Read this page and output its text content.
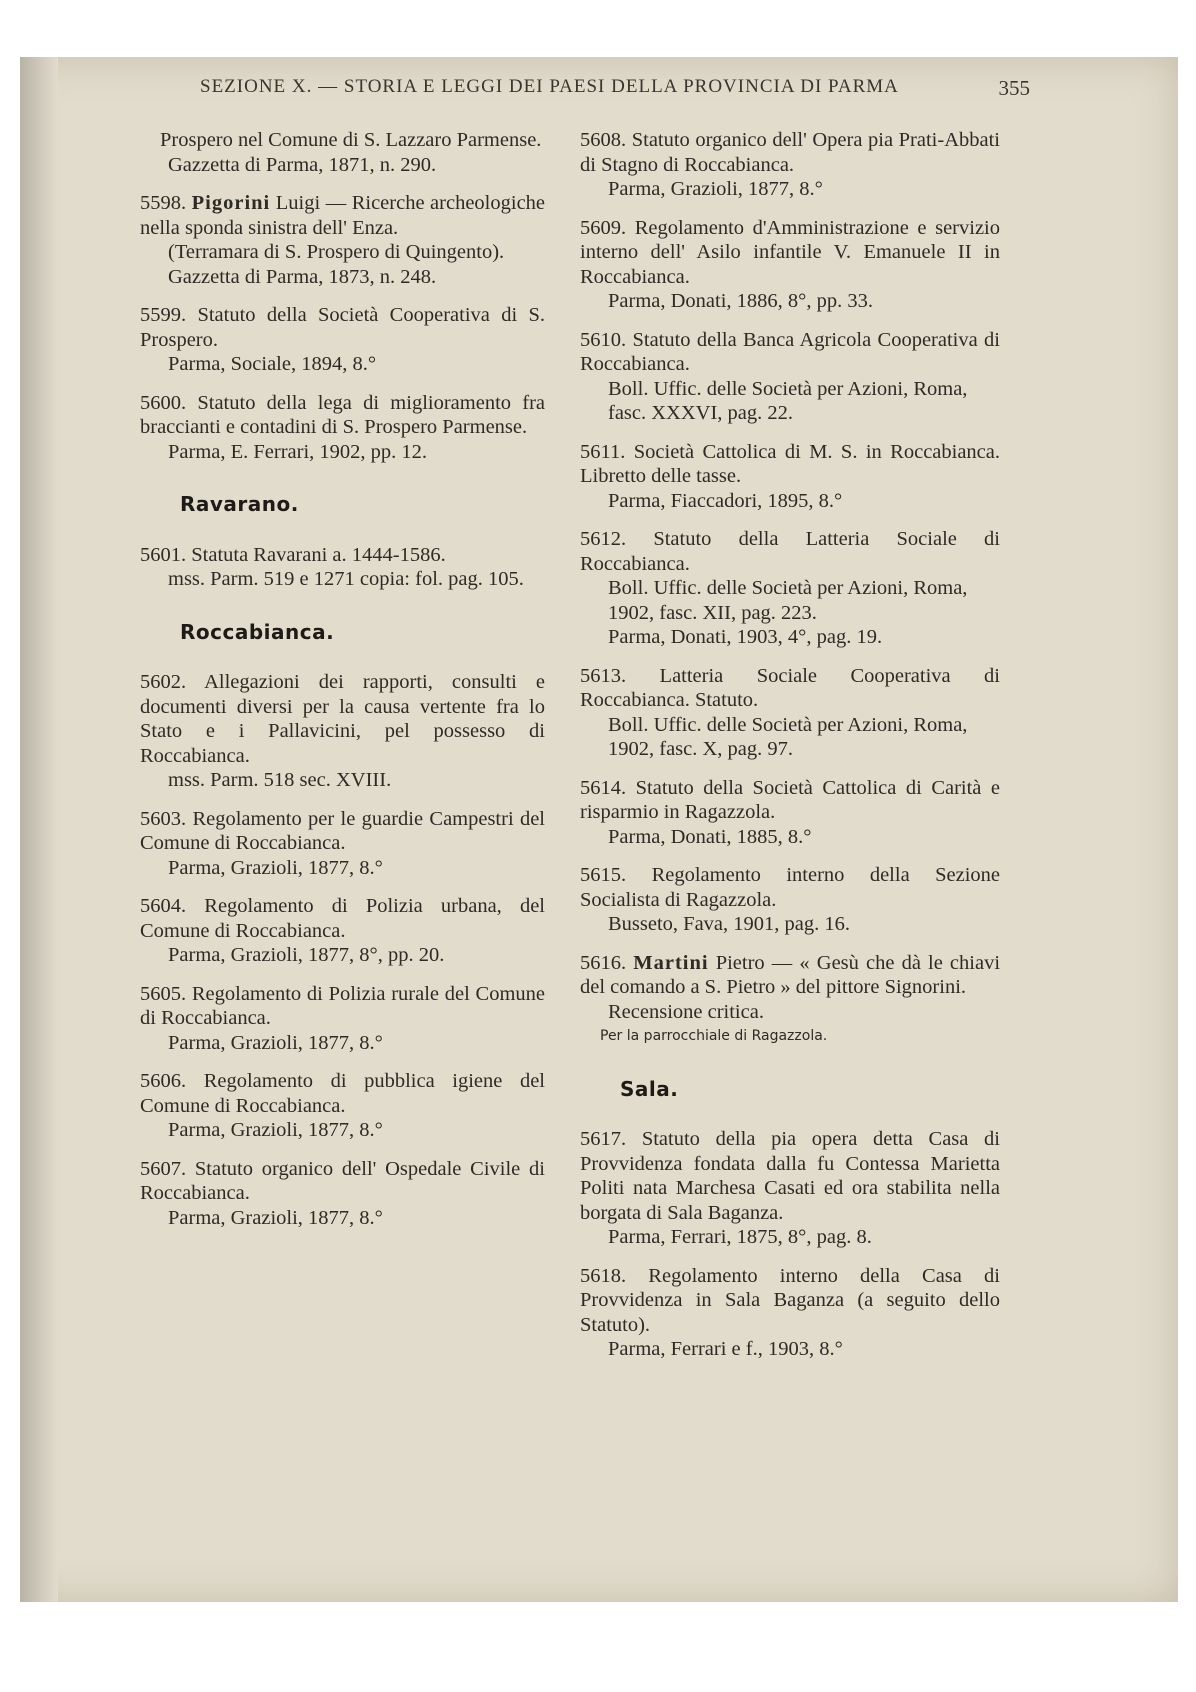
SEZIONE X. — STORIA E LEGGI DEI PAESI DELLA PROVINCIA DI PARMA	355
Prospero nel Comune di S. Lazzaro Parmense.
Gazzetta di Parma, 1871, n. 290.
5598. Pigorini Luigi — Ricerche archeologiche nella sponda sinistra dell' Enza.
(Terramara di S. Prospero di Quingento).
Gazzetta di Parma, 1873, n. 248.
5599. Statuto della Società Cooperativa di S. Prospero.
Parma, Sociale, 1894, 8.°
5600. Statuto della lega di miglioramento fra braccianti e contadini di S. Prospero Parmense.
Parma, E. Ferrari, 1902, pp. 12.
Ravarano.
5601. Statuta Ravarani a. 1444-1586.
mss. Parm. 519 e 1271 copia: fol. pag. 105.
Roccabianca.
5602. Allegazioni dei rapporti, consulti e documenti diversi per la causa vertente fra lo Stato e i Pallavicini, pel possesso di Roccabianca.
mss. Parm. 518 sec. XVIII.
5603. Regolamento per le guardie Campestri del Comune di Roccabianca.
Parma, Grazioli, 1877, 8.°
5604. Regolamento di Polizia urbana, del Comune di Roccabianca.
Parma, Grazioli, 1877, 8°, pp. 20.
5605. Regolamento di Polizia rurale del Comune di Roccabianca.
Parma, Grazioli, 1877, 8.°
5606. Regolamento di pubblica igiene del Comune di Roccabianca.
Parma, Grazioli, 1877, 8.°
5607. Statuto organico dell' Ospedale Civile di Roccabianca.
Parma, Grazioli, 1877, 8.°
5608. Statuto organico dell' Opera pia Prati-Abbati di Stagno di Roccabianca.
Parma, Grazioli, 1877, 8.°
5609. Regolamento d'Amministrazione e servizio interno dell' Asilo infantile V. Emanuele II in Roccabianca.
Parma, Donati, 1886, 8°, pp. 33.
5610. Statuto della Banca Agricola Cooperativa di Roccabianca.
Boll. Uffic. delle Società per Azioni, Roma, fasc. XXXVI, pag. 22.
5611. Società Cattolica di M. S. in Roccabianca. Libretto delle tasse.
Parma, Fiaccadori, 1895, 8.°
5612. Statuto della Latteria Sociale di Roccabianca.
Boll. Uffic. delle Società per Azioni, Roma, 1902, fasc. XII, pag. 223.
Parma, Donati, 1903, 4°, pag. 19.
5613. Latteria Sociale Cooperativa di Roccabianca. Statuto.
Boll. Uffic. delle Società per Azioni, Roma, 1902, fasc. X, pag. 97.
5614. Statuto della Società Cattolica di Carità e risparmio in Ragazzola.
Parma, Donati, 1885, 8.°
5615. Regolamento interno della Sezione Socialista di Ragazzola.
Busseto, Fava, 1901, pag. 16.
5616. Martini Pietro — « Gesù che dà le chiavi del comando a S. Pietro » del pittore Signorini.
Recensione critica.
Per la parrocchiale di Ragazzola.
Sala.
5617. Statuto della pia opera detta Casa di Provvidenza fondata dalla fu Contessa Marietta Politi nata Marchesa Casati ed ora stabilita nella borgata di Sala Baganza.
Parma, Ferrari, 1875, 8°, pag. 8.
5618. Regolamento interno della Casa di Provvidenza in Sala Baganza (a seguito dello Statuto).
Parma, Ferrari e f., 1903, 8.°
